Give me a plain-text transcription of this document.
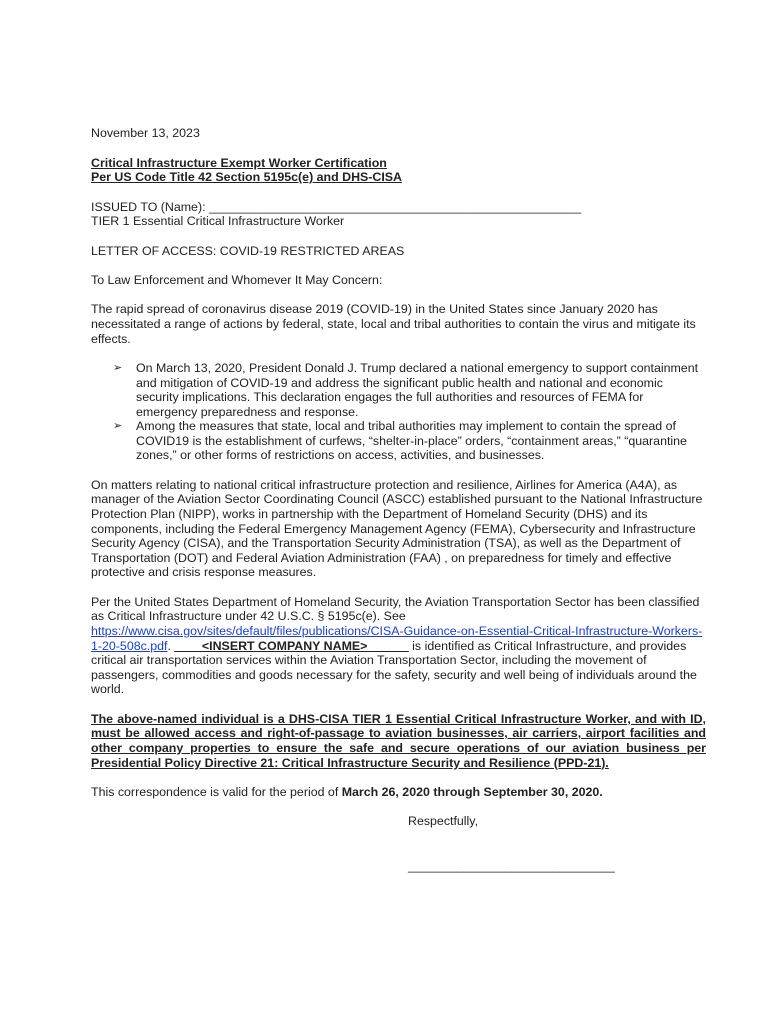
November 13, 2023

Critical Infrastructure Exempt Worker Certification

Per US Code Title 42 Section 5195c(e) and DHS-CISA

ISSUED TO (Name): ______________________________________________________

TIER 1 Essential Critical Infrastructure Worker

LETTER OF ACCESS: COVID-19 RESTRICTED AREAS

To Law Enforcement and Whomever It May Concern:

The rapid spread of coronavirus disease 2019 (COVID-19) in the United States since January 2020 has necessitated a range of actions by federal, state, local and tribal authorities to contain the virus and mitigate its effects.

➢ On March 13, 2020, President Donald J. Trump declared a national emergency to support containment and mitigation of COVID-19 and address the significant public health and national and economic security implications. This declaration engages the full authorities and resources of FEMA for emergency preparedness and response.
➢ Among the measures that state, local and tribal authorities may implement to contain the spread of COVID19 is the establishment of curfews, “shelter-in-place” orders, “containment areas,” “quarantine zones,” or other forms of restrictions on access, activities, and businesses.

On matters relating to national critical infrastructure protection and resilience, Airlines for America (A4A), as manager of the Aviation Sector Coordinating Council (ASCC) established pursuant to the National Infrastructure Protection Plan (NIPP), works in partnership with the Department of Homeland Security (DHS) and its components, including the Federal Emergency Management Agency (FEMA), Cybersecurity and Infrastructure Security Agency (CISA), and the Transportation Security Administration (TSA), as well as the Department of Transportation (DOT) and Federal Aviation Administration (FAA) , on preparedness for timely and effective protective and crisis response measures.

Per the United States Department of Homeland Security, the Aviation Transportation Sector has been classified as Critical Infrastructure under 42 U.S.C. § 5195c(e). See https://www.cisa.gov/sites/default/files/publications/CISA-Guidance-on-Essential-Critical-Infrastructure-Workers-1-20-508c.pdf. ____<INSERT COMPANY NAME>______ is identified as Critical Infrastructure, and provides critical air transportation services within the Aviation Transportation Sector, including the movement of passengers, commodities and goods necessary for the safety, security and well being of individuals around the world.

The above-named individual is a DHS-CISA TIER 1 Essential Critical Infrastructure Worker, and with ID, must be allowed access and right-of-passage to aviation businesses, air carriers, airport facilities and other company properties to ensure the safe and secure operations of our aviation business per Presidential Policy Directive 21: Critical Infrastructure Security and Resilience (PPD-21).

This correspondence is valid for the period of March 26, 2020 through September 30, 2020.

Respectfully,

______________________________
